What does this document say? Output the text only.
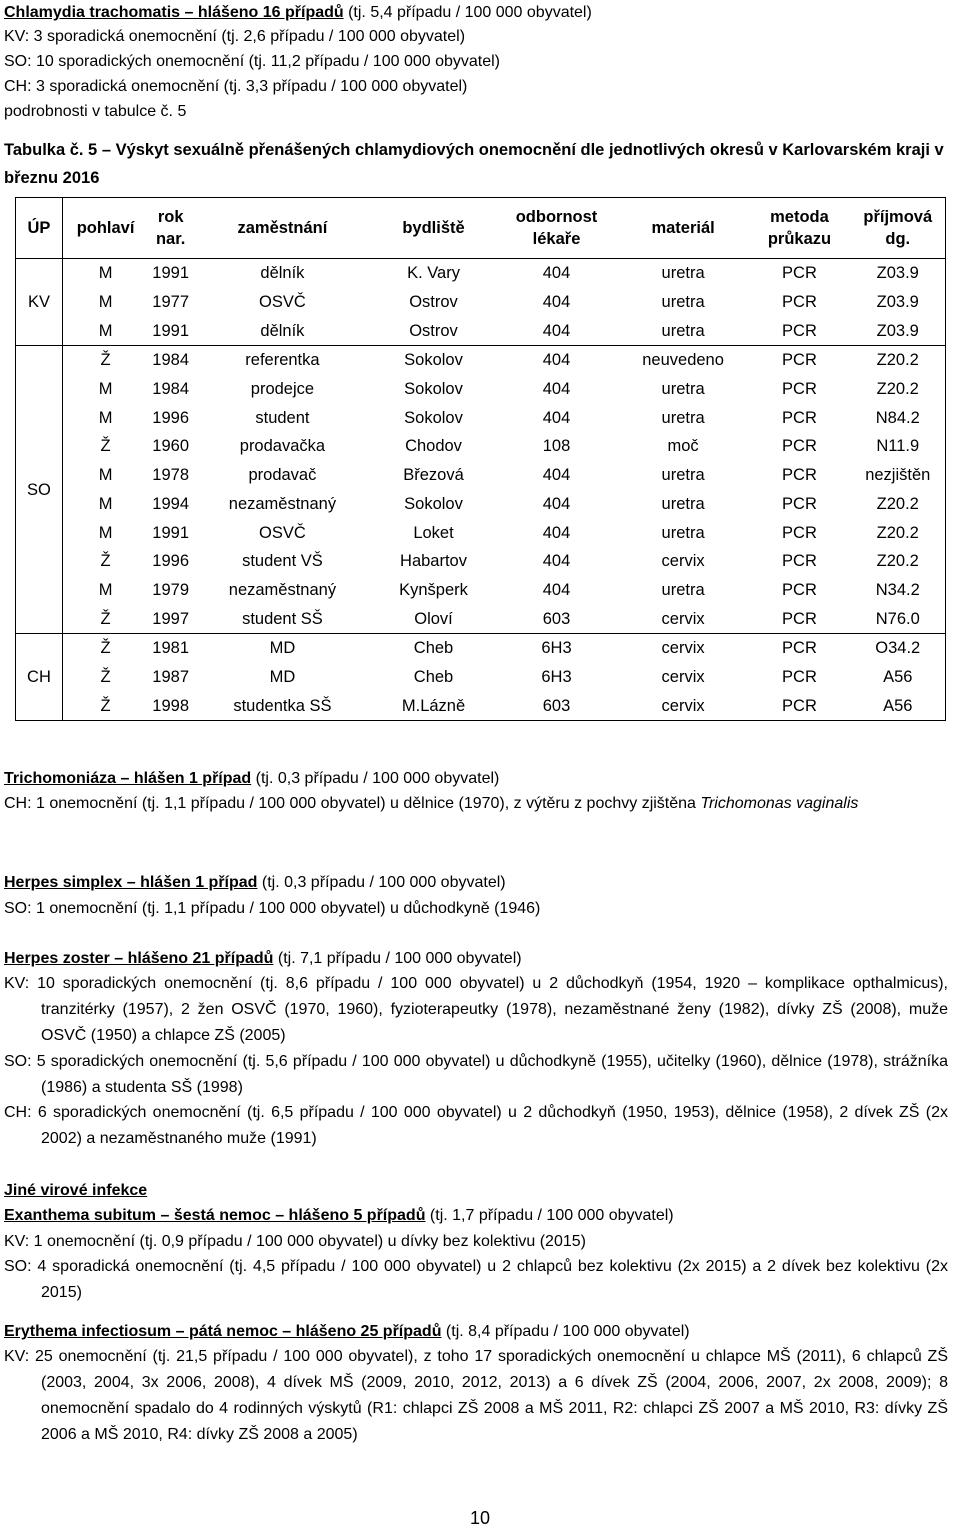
Chlamydia trachomatis – hlášeno 16 případů (tj. 5,4 případu / 100 000 obyvatel)
KV: 3 sporadická onemocnění (tj. 2,6 případu / 100 000 obyvatel)
SO: 10 sporadických onemocnění (tj. 11,2 případu / 100 000 obyvatel)
CH: 3 sporadická onemocnění (tj. 3,3 případu / 100 000 obyvatel)
podrobnosti v tabulce č. 5
Tabulka č. 5 – Výskyt sexuálně přenášených chlamydiových onemocnění dle jednotlivých okresů v Karlovarském kraji v březnu 2016
ÚP	pohlaví	rok nar.	zaměstnání	bydliště	odbornost lékaře	materiál	metoda průkazu	příjmová dg.
KV	M	1991	dělník	K. Vary	404	uretra	PCR	Z03.9
	M	1977	OSVČ	Ostrov	404	uretra	PCR	Z03.9
	M	1991	dělník	Ostrov	404	uretra	PCR	Z03.9
SO	Ž	1984	referentka	Sokolov	404	neuvedeno	PCR	Z20.2
	M	1984	prodejce	Sokolov	404	uretra	PCR	Z20.2
	M	1996	student	Sokolov	404	uretra	PCR	N84.2
	Ž	1960	prodavačka	Chodov	108	moč	PCR	N11.9
	M	1978	prodavač	Březová	404	uretra	PCR	nezjištěn
	M	1994	nezaměstnaný	Sokolov	404	uretra	PCR	Z20.2
	M	1991	OSVČ	Loket	404	uretra	PCR	Z20.2
	Ž	1996	student VŠ	Habartov	404	cervix	PCR	Z20.2
	M	1979	nezaměstnaný	Kynšperk	404	uretra	PCR	N34.2
	Ž	1997	student SŠ	Oloví	603	cervix	PCR	N76.0
CH	Ž	1981	MD	Cheb	6H3	cervix	PCR	O34.2
	Ž	1987	MD	Cheb	6H3	cervix	PCR	A56
	Ž	1998	studentka SŠ	M.Lázně	603	cervix	PCR	A56
Trichomoniáza – hlášen 1 případ (tj. 0,3 případu / 100 000 obyvatel)
CH: 1 onemocnění (tj. 1,1 případu / 100 000 obyvatel) u dělnice (1970), z výtěru z pochvy zjištěna Trichomonas vaginalis
Herpes simplex – hlášen 1 případ (tj. 0,3 případu / 100 000 obyvatel)
SO: 1 onemocnění (tj. 1,1 případu / 100 000 obyvatel) u důchodkyně (1946)
Herpes zoster – hlášeno 21 případů (tj. 7,1 případu / 100 000 obyvatel)
KV: 10 sporadických onemocnění (tj. 8,6 případu / 100 000 obyvatel) u 2 důchodkyň (1954, 1920 – komplikace opthalmicus), tranzitérky (1957), 2 žen OSVČ (1970, 1960), fyzioterapeutky (1978), nezaměstnané ženy (1982), dívky ZŠ (2008), muže OSVČ (1950) a chlapce ZŠ (2005)
SO: 5 sporadických onemocnění (tj. 5,6 případu / 100 000 obyvatel) u důchodkyně (1955), učitelky (1960), dělnice (1978), strážníka (1986) a studenta SŠ (1998)
CH: 6 sporadických onemocnění (tj. 6,5 případu / 100 000 obyvatel) u 2 důchodkyň (1950, 1953), dělnice (1958), 2 dívek ZŠ (2x 2002) a nezaměstnaného muže (1991)
Jiné virové infekce
Exanthema subitum – šestá nemoc – hlášeno 5 případů (tj. 1,7 případu / 100 000 obyvatel)
KV: 1 onemocnění (tj. 0,9 případu / 100 000 obyvatel) u dívky bez kolektivu (2015)
SO: 4 sporadická onemocnění (tj. 4,5 případu / 100 000 obyvatel) u 2 chlapců bez kolektivu (2x 2015) a 2 dívek bez kolektivu (2x 2015)
Erythema infectiosum – pátá nemoc – hlášeno 25 případů (tj. 8,4 případu / 100 000 obyvatel)
KV: 25 onemocnění (tj. 21,5 případu / 100 000 obyvatel), z toho 17 sporadických onemocnění u chlapce MŠ (2011), 6 chlapců ZŠ (2003, 2004, 3x 2006, 2008), 4 dívek MŠ (2009, 2010, 2012, 2013) a 6 dívek ZŠ (2004, 2006, 2007, 2x 2008, 2009); 8 onemocnění spadalo do 4 rodinných výskytů (R1: chlapci ZŠ 2008 a MŠ 2011, R2: chlapci ZŠ 2007 a MŠ 2010, R3: dívky ZŠ 2006 a MŠ 2010, R4: dívky ZŠ 2008 a 2005)
10
